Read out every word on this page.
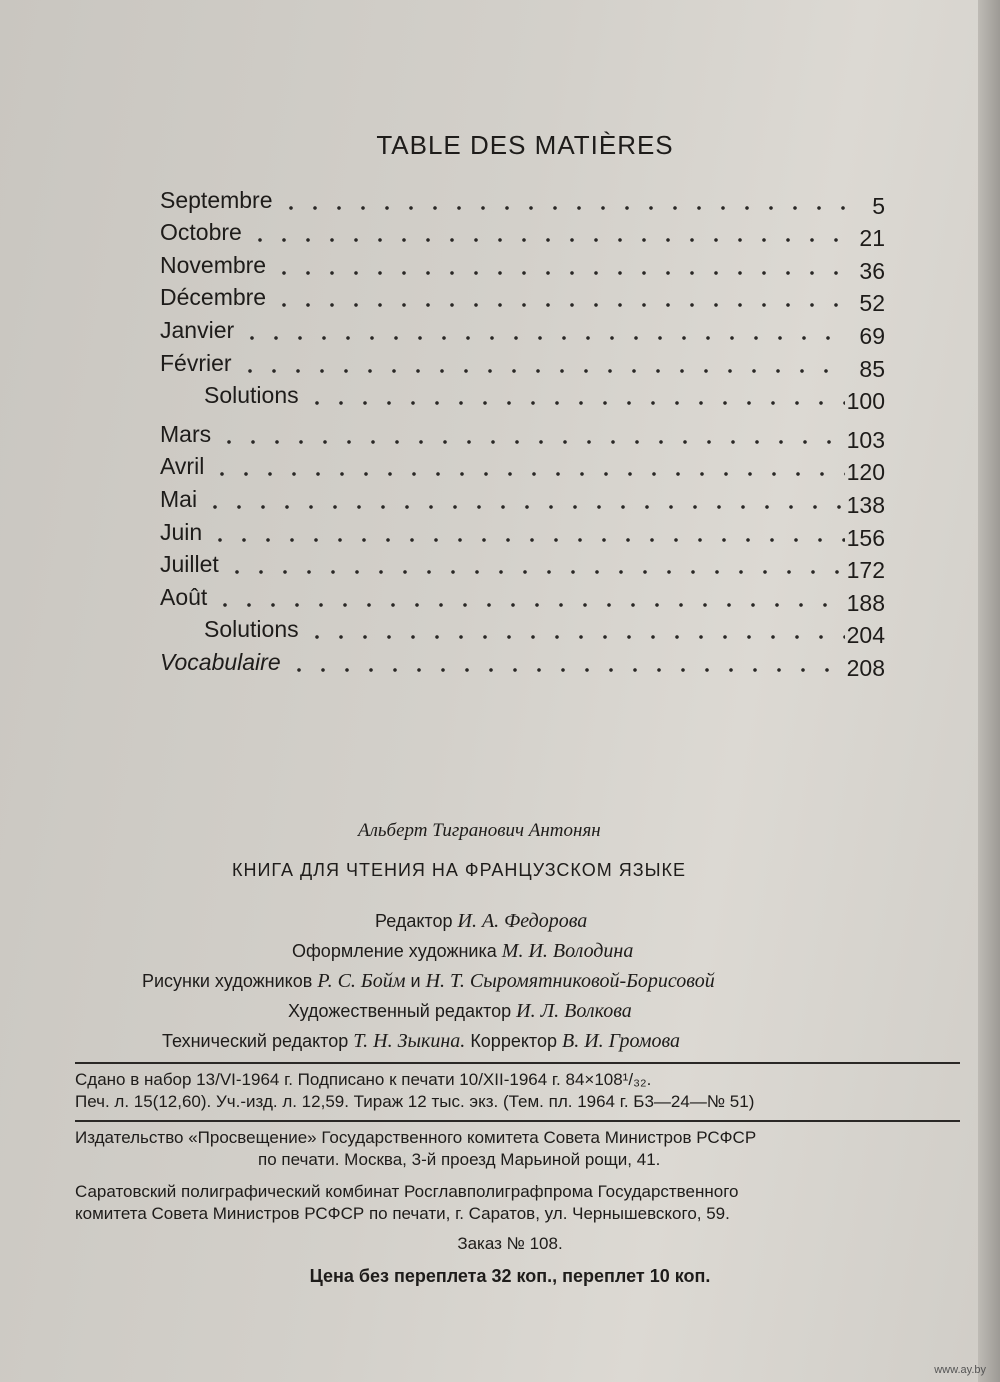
TABLE DES MATIÈRES
Septembre	5
Octobre	21
Novembre	36
Décembre	52
Janvier	69
Février	85
Solutions	100
Mars	103
Avril	120
Mai	138
Juin	156
Juillet	172
Août	188
Solutions	204
Vocabulaire	208
Альберт Тигранович Антонян
КНИГА ДЛЯ ЧТЕНИЯ НА ФРАНЦУЗСКОМ ЯЗЫКЕ
Редактор И. А. Федорова
Оформление художника М. И. Володина
Рисунки художников Р. С. Бойм и Н. Т. Сыромятниковой-Борисовой
Художественный редактор И. Л. Волкова
Технический редактор Т. Н. Зыкина. Корректор В. И. Громова
Сдано в набор 13/VI-1964 г. Подписано к печати 10/XII-1964 г. 84×108¹/₃₂.
Печ. л. 15(12,60). Уч.-изд. л. 12,59. Тираж 12 тыс. экз. (Тем. пл. 1964 г. Б3—24—№ 51)
Издательство «Просвещение» Государственного комитета Совета Министров РСФСР
по печати. Москва, 3-й проезд Марьиной рощи, 41.
Саратовский полиграфический комбинат Росглавполиграфпрома Государственного
комитета Совета Министров РСФСР по печати, г. Саратов, ул. Чернышевского, 59.
Заказ № 108.
Цена без переплета 32 коп., переплет 10 коп.
www.ay.by
